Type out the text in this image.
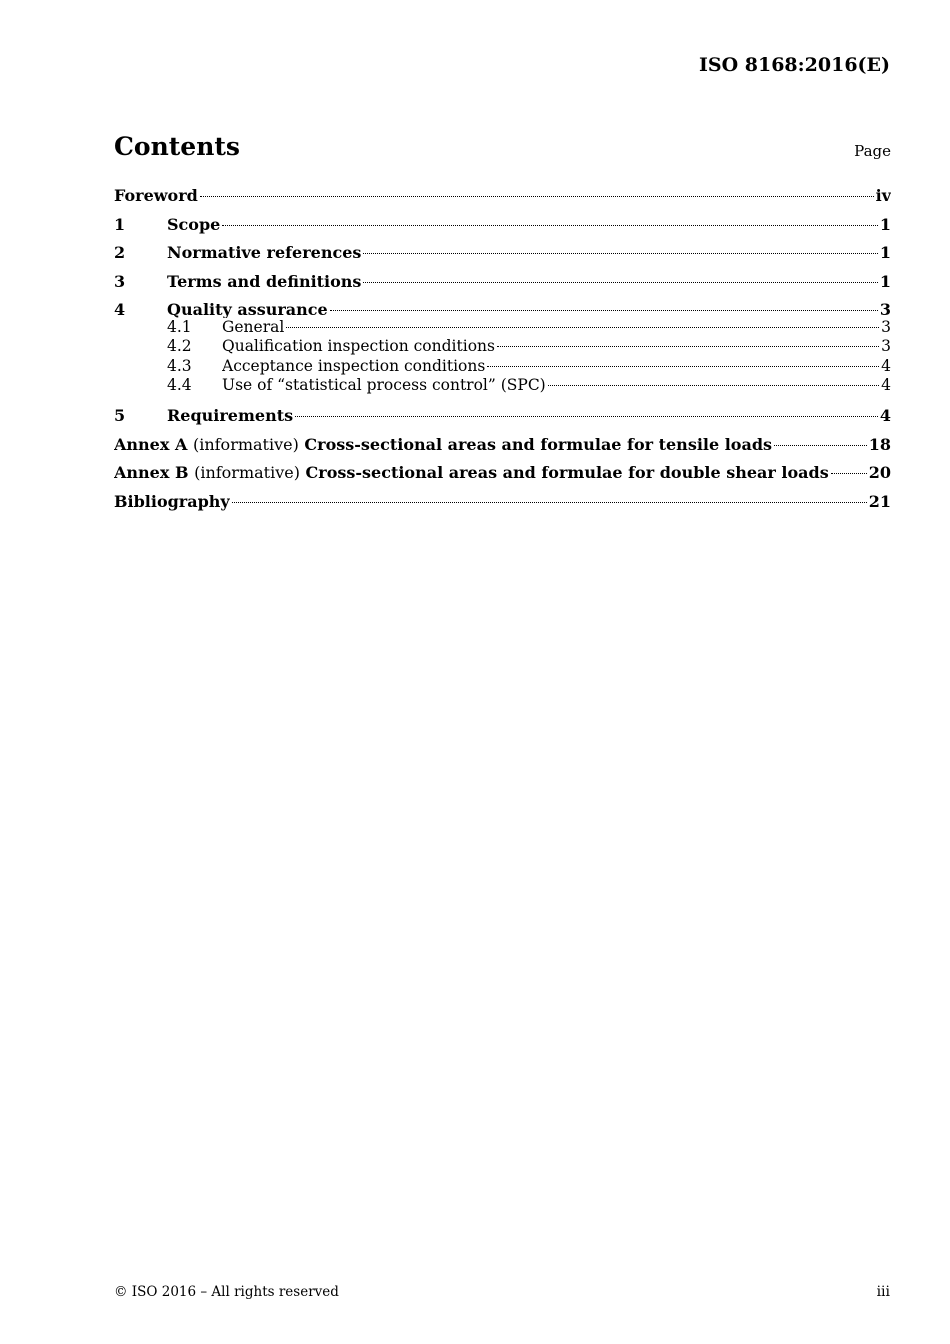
ISO 8168:2016(E)
Contents	Page
Foreword	iv
1	Scope	1
2	Normative references	1
3	Terms and definitions	1
4	Quality assurance	3
4.1	General	3
4.2	Qualification inspection conditions	3
4.3	Acceptance inspection conditions	4
4.4	Use of “statistical process control” (SPC)	4
5	Requirements	4
Annex A (informative) Cross-sectional areas and formulae for tensile loads	18
Annex B (informative) Cross-sectional areas and formulae for double shear loads	20
Bibliography	21
© ISO 2016 – All rights reserved	iii
